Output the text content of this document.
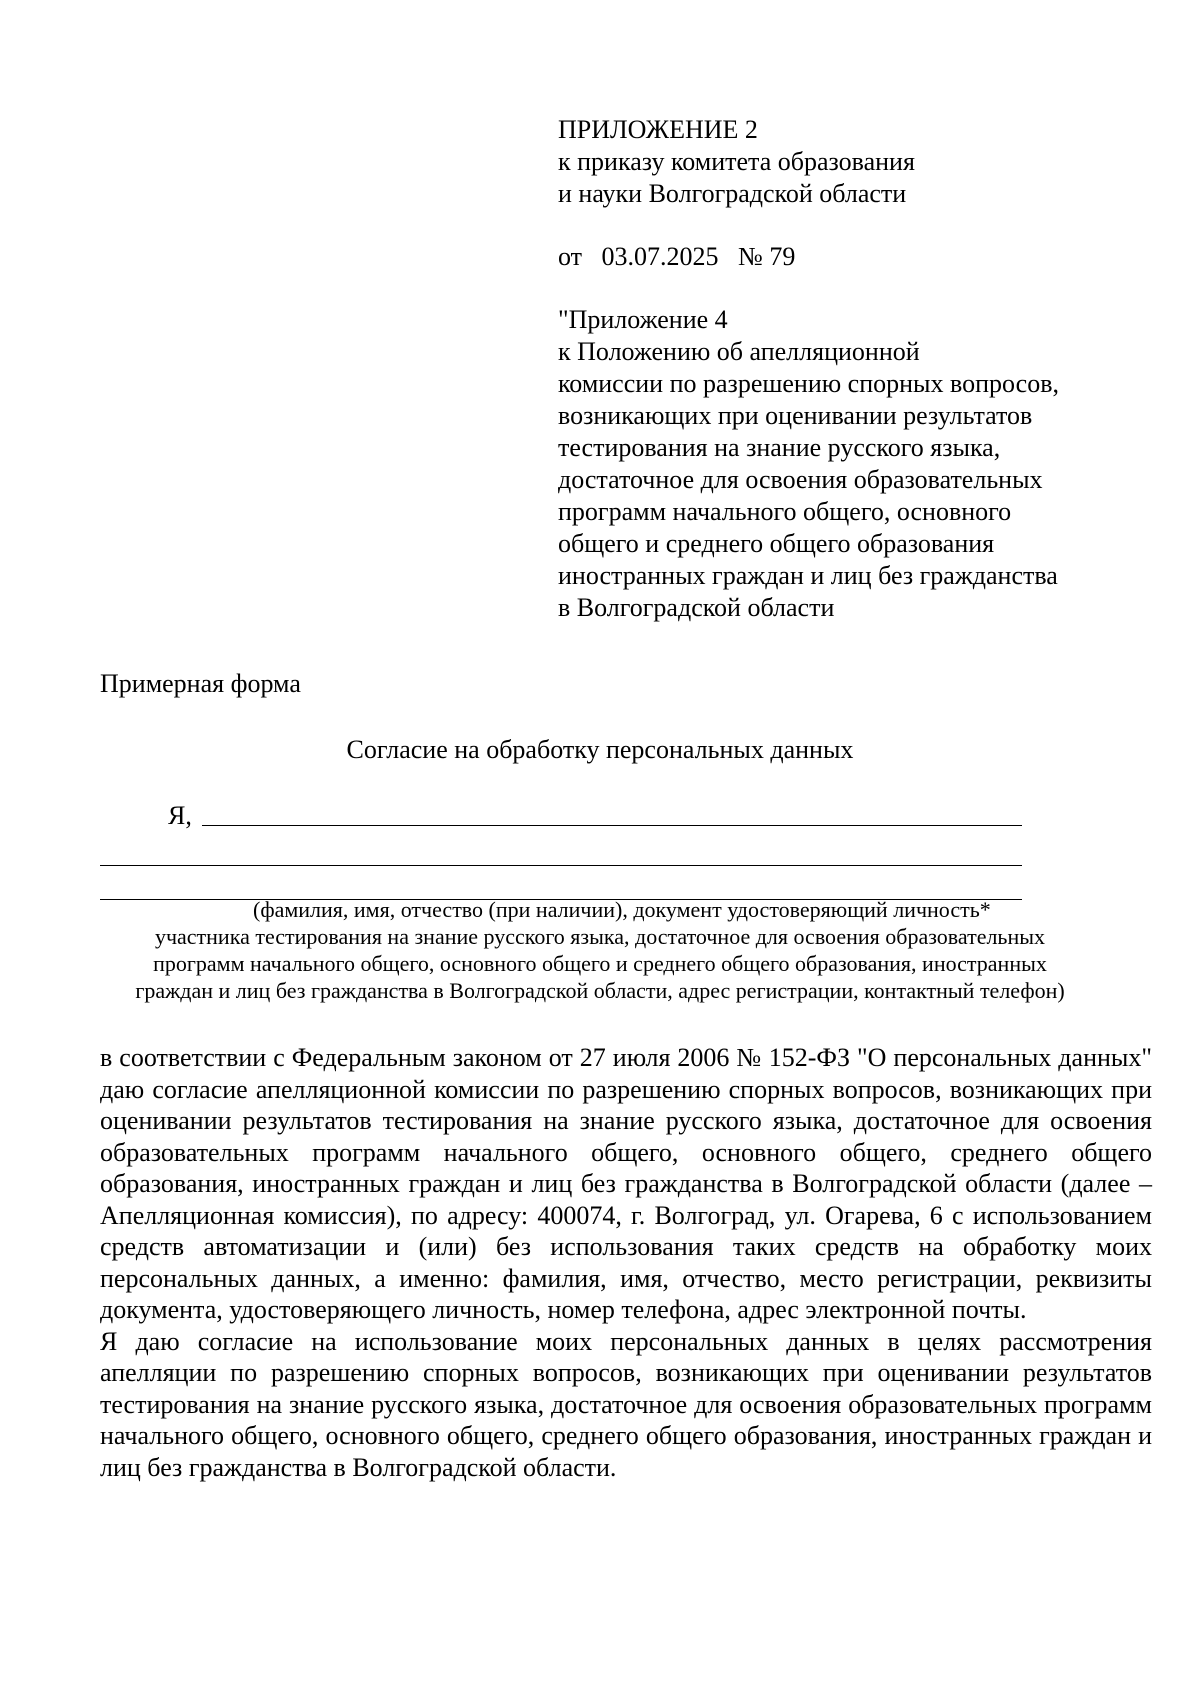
ПРИЛОЖЕНИЕ 2
к приказу комитета образования
и науки Волгоградской области
от 03.07.2025 № 79
"Приложение 4
к Положению об апелляционной
комиссии по разрешению спорных вопросов,
возникающих при оценивании результатов
тестирования на знание русского языка,
достаточное для освоения образовательных
программ начального общего, основного
общего и среднего общего образования
иностранных граждан и лиц без гражданства
в Волгоградской области
Примерная форма
Согласие на обработку персональных данных
Я,
(фамилия, имя, отчество (при наличии), документ удостоверяющий личность*
участника тестирования на знание русского языка, достаточное для освоения образовательных
программ начального общего, основного общего и среднего общего образования, иностранных
граждан и лиц без гражданства в Волгоградской области, адрес регистрации, контактный телефон)

в соответствии с Федеральным законом от 27 июля 2006 № 152-ФЗ "О персональных данных" даю согласие апелляционной комиссии по разрешению спорных вопросов, возникающих при оценивании результатов тестирования на знание русского языка, достаточное для освоения образовательных программ начального общего, основного общего, среднего общего образования, иностранных граждан и лиц без гражданства в Волгоградской области (далее – Апелляционная комиссия), по адресу: 400074, г. Волгоград, ул. Огарева, 6 с использованием средств автоматизации и (или) без использования таких средств на обработку моих персональных данных, а именно: фамилия, имя, отчество, место регистрации, реквизиты документа, удостоверяющего личность, номер телефона, адрес электронной почты.

Я даю согласие на использование моих персональных данных в целях рассмотрения апелляции по разрешению спорных вопросов, возникающих при оценивании результатов тестирования на знание русского языка, достаточное для освоения образовательных программ начального общего, основного общего, среднего общего образования, иностранных граждан и лиц без гражданства в Волгоградской области.
